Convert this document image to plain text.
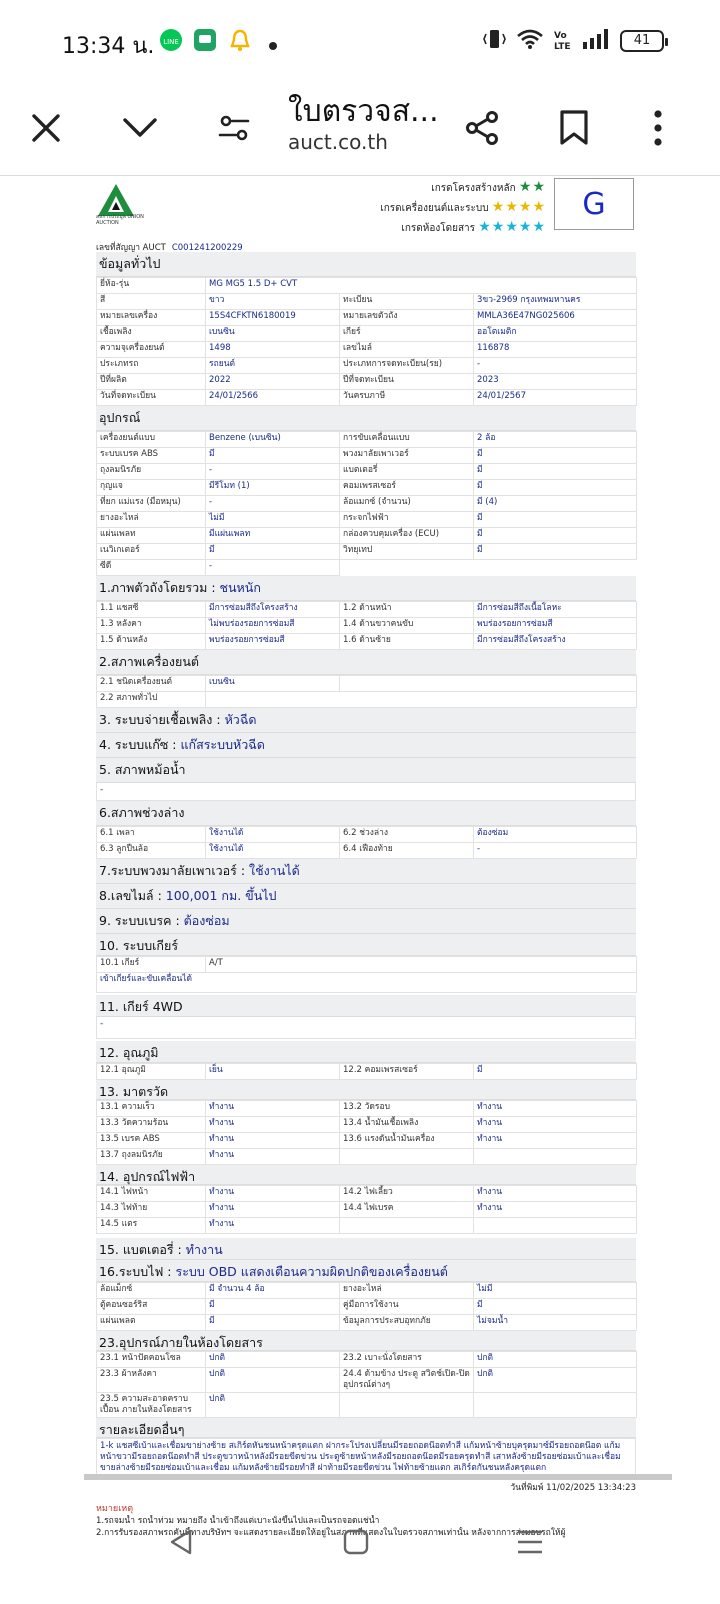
13:34 น. LINE
Vo
LTE	41
ใบตรวจส...
auct.co.th
สหการประมูล UNION AUCTION
เกรดโครงสร้างหลัก ★★
เกรดเครื่องยนต์และระบบ ★★★★
เกรดห้องโดยสาร ★★★★★
G
เลขที่สัญญา AUCT C001241200229
ข้อมูลทั่วไป
ยี่ห้อ-รุ่น	MG MG5 1.5 D+ CVT		
สี	ขาว	ทะเบียน	3ขว-2969 กรุงเทพมหานคร
หมายเลขเครื่อง	15S4CFKTN6180019	หมายเลขตัวถัง	MMLA36E47NG025606
เชื้อเพลิง	เบนซิน	เกียร์	ออโตเมติก
ความจุเครื่องยนต์	1498	เลขไมล์	116878
ประเภทรถ	รถยนต์	ประเภทการจดทะเบียน(รย)	-
ปีที่ผลิต	2022	ปีที่จดทะเบียน	2023
วันที่จดทะเบียน	24/01/2566	วันครบภาษี	24/01/2567
อุปกรณ์
เครื่องยนต์แบบ	Benzene (เบนซิน)	การขับเคลื่อนแบบ	2 ล้อ
ระบบเบรค ABS	มี	พวงมาลัยเพาเวอร์	มี
ถุงลมนิรภัย	-	แบตเตอรี่	มี
กุญแจ	มีรีโมท (1)	คอมเพรสเซอร์	มี
ที่ยก แม่แรง (มือหมุน)	-	ล้อแมกซ์ (จำนวน)	มี (4)
ยางอะไหล่	ไม่มี	กระจกไฟฟ้า	มี
แผ่นเพลท	มีแผ่นเพลท	กล่องควบคุมเครื่อง (ECU)	มี
เนวิเกเตอร์	มี	วิทยุเทป	มี
ซีดี	-		
1.ภาพตัวถังโดยรวม : ชนหนัก
1.1 แชสซี	มีการซ่อมสีถึงโครงสร้าง	1.2 ด้านหน้า	มีการซ่อมสีถึงเนื้อโลหะ
1.3 หลังคา	ไม่พบร่องรอยการซ่อมสี	1.4 ด้านขวาคนขับ	พบร่องรอยการซ่อมสี
1.5 ด้านหลัง	พบร่องรอยการซ่อมสี	1.6 ด้านซ้าย	มีการซ่อมสีถึงโครงสร้าง
2.สภาพเครื่องยนต์
2.1 ชนิดเครื่องยนต์	เบนซิน	
2.2 สภาพทั่วไป		
3. ระบบจ่ายเชื้อเพลิง : หัวฉีด
4. ระบบแก๊ซ : แก๊สระบบหัวฉีด
5. สภาพหม้อน้ำ
-
6.สภาพช่วงล่าง
6.1 เพลา	ใช้งานได้	6.2 ช่วงล่าง	ต้องซ่อม
6.3 ลูกปืนล้อ	ใช้งานได้	6.4 เฟืองท้าย	-
7.ระบบพวงมาลัยเพาเวอร์ : ใช้งานได้
8.เลขไมล์ : 100,001 กม. ขึ้นไป
9. ระบบเบรค : ต้องซ่อม
10. ระบบเกียร์
10.1 เกียร์	A/T
เข้าเกียร์และขับเคลื่อนได้
11. เกียร์ 4WD
-
12. อุณภูมิ
12.1 อุณภูมิ	เย็น	12.2 คอมเพรสเซอร์	มี
13. มาตรวัด
13.1 ความเร็ว	ทำงาน	13.2 วัดรอบ	ทำงาน
13.3 วัดความร้อน	ทำงาน	13.4 น้ำมันเชื้อเพลิง	ทำงาน
13.5 เบรค ABS	ทำงาน	13.6 แรงดันน้ำมันเครื่อง	ทำงาน
13.7 ถุงลมนิรภัย	ทำงาน		
14. อุปกรณ์ไฟฟ้า
14.1 ไฟหน้า	ทำงาน	14.2 ไฟเลี้ยว	ทำงาน
14.3 ไฟท้าย	ทำงาน	14.4 ไฟเบรค	ทำงาน
14.5 แตร	ทำงาน		
15. แบตเตอรี่ : ทำงาน
16.ระบบไฟ : ระบบ OBD แสดงเตือนความผิดปกติของเครื่องยนต์
ล้อแม็กซ์	มี จำนวน 4 ล้อ	ยางอะไหล่	ไม่มี
ตู้คอนซอร์ริส	มี	คู่มือการใช้งาน	มี
แผ่นเพลต	มี	ข้อมูลการประสบอุทกภัย	ไม่จมน้ำ
23.อุปกรณ์ภายในห้องโดยสาร
23.1 หน้าปัดคอนโซล	ปกติ	23.2 เบาะนั่งโดยสาร	ปกติ
23.3 ผ้าหลังคา	ปกติ	24.4 ด้ามข้าง ประตู สวิตช์เปิด-ปิด อุปกรณ์ต่างๆ	ปกติ
23.5 ความสะอาดคราบเปื้อน ภายในห้องโดยสาร	ปกติ		
รายละเอียดอื่นๆ
1-k แชสซีเบ้าและเชื่อมขาย่างซ้าย สเกิร์ตหันชนหน้าครุดแตก ฝากระโปรงเปลี่ยนมีรอยถอดน๊อตทำสี แก้มหน้าซ้ายบุครุดมาซ์มีรอยถอดน๊อต แก้มหน้าขวามีรอยถอดน๊อตทำสี ประตูขวาหน้าหลังมีรอยขีดข่วน ประตูซ้ายหน้าหลังมีรอยถอดน๊อตมีรอยครุดทำสี เสาหลังซ้ายมีรอยซ่อมเบ้าและเชื่อม ขายล่างซ้ายมีรอยซ่อมเบ้าและเชื่อม แก้มหลังซ้ายมีรอยทำสี ฝาท้ายมีรอยขีดข่วน ไฟท้ายซ้ายแตก สเกิร์ตกันชนหลังครุดแตก
วันที่พิมพ์ 11/02/2025 13:34:23
หมายเหตุ
1.รถจมน้ำ รถน้ำท่วม หมายถึง น้ำเข้าถึงแต่เบาะนั่งขึ้นไปและเป็นรถจอดแช่น้ำ
2.การรับรองสภาพรถคันนี้ทางบริษัทฯ จะแสดงรายละเอียดให้อยู่ในสภาพที่แสดงในใบตรวจสภาพเท่านั้น หลังจากการส่งมอบรถให้ผู้
